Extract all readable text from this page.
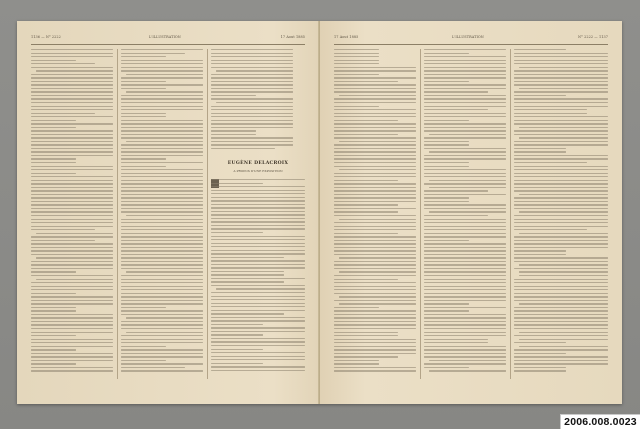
1136 — N° 2222	L'ILLUSTRATION	17 Aout 1885
EUGÈNE DELACROIX
A PROPOS D'UNE EXPOSITION
17 Aout 1885	L'ILLUSTRATION	N° 2222 — 1137
2006.008.0023
